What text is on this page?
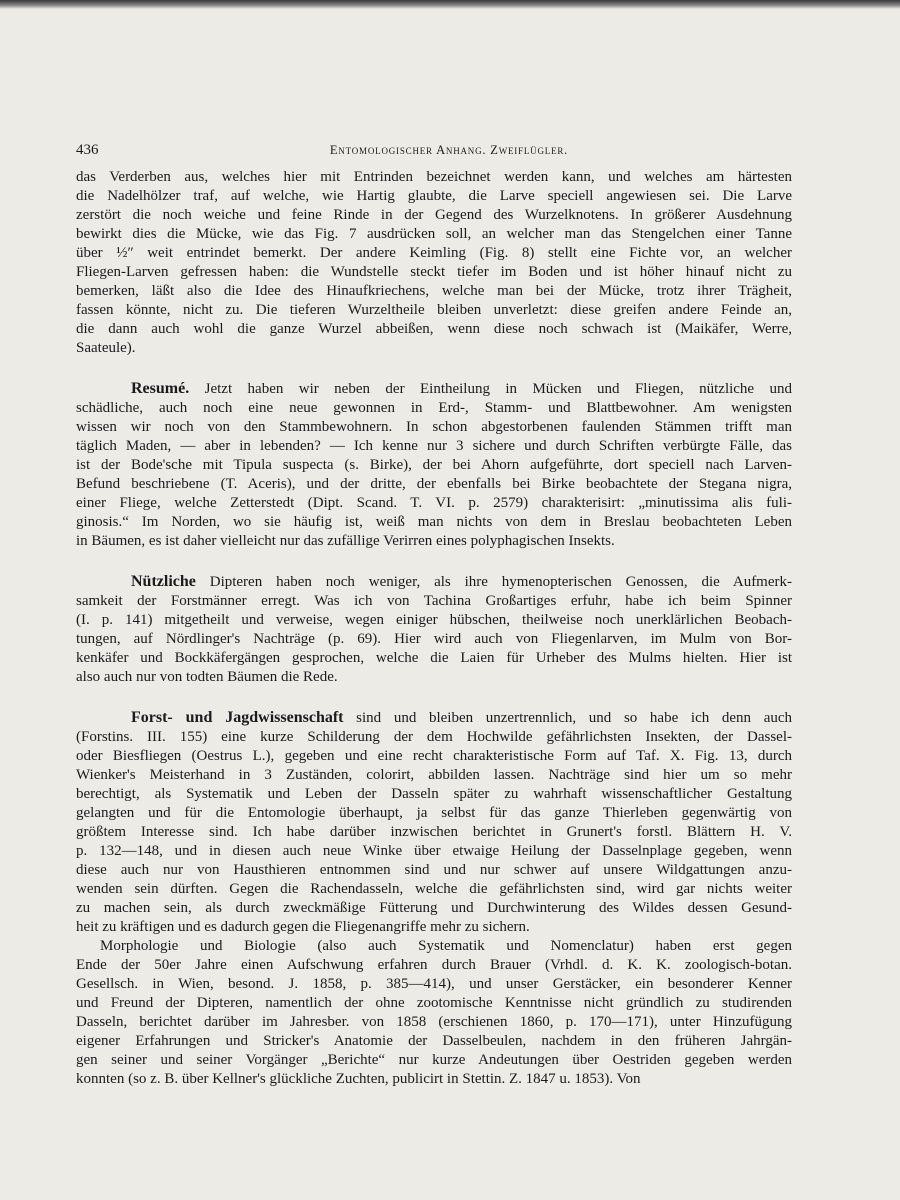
436	Entomologischer Anhang. Zweiflügler.
das Verderben aus, welches hier mit Entrinden bezeichnet werden kann, und welches am härtesten
die Nadelhölzer traf, auf welche, wie Hartig glaubte, die Larve speciell angewiesen sei. Die Larve
zerstört die noch weiche und feine Rinde in der Gegend des Wurzelknotens. In größerer Ausdehnung
bewirkt dies die Mücke, wie das Fig. 7 ausdrücken soll, an welcher man das Stengelchen einer Tanne
über ½″ weit entrindet bemerkt. Der andere Keimling (Fig. 8) stellt eine Fichte vor, an welcher
Fliegen-Larven gefressen haben: die Wundstelle steckt tiefer im Boden und ist höher hinauf nicht zu
bemerken, läßt also die Idee des Hinaufkriechens, welche man bei der Mücke, trotz ihrer Trägheit,
fassen könnte, nicht zu. Die tieferen Wurzeltheile bleiben unverletzt: diese greifen andere Feinde an,
die dann auch wohl die ganze Wurzel abbeißen, wenn diese noch schwach ist (Maikäfer, Werre,
Saateule).
Resumé. Jetzt haben wir neben der Eintheilung in Mücken und Fliegen, nützliche und
schädliche, auch noch eine neue gewonnen in Erd-, Stamm- und Blattbewohner. Am wenigsten
wissen wir noch von den Stammbewohnern. In schon abgestorbenen faulenden Stämmen trifft man
täglich Maden, — aber in lebenden? — Ich kenne nur 3 sichere und durch Schriften verbürgte Fälle, das
ist der Bode'sche mit Tipula suspecta (s. Birke), der bei Ahorn aufgeführte, dort speciell nach Larven-
Befund beschriebene (T. Aceris), und der dritte, der ebenfalls bei Birke beobachtete der Stegana nigra,
einer Fliege, welche Zetterstedt (Dipt. Scand. T. VI. p. 2579) charakterisirt: „minutissima alis fuli-
ginosis.“ Im Norden, wo sie häufig ist, weiß man nichts von dem in Breslau beobachteten Leben
in Bäumen, es ist daher vielleicht nur das zufällige Verirren eines polyphagischen Insekts.
Nützliche Dipteren haben noch weniger, als ihre hymenopterischen Genossen, die Aufmerk-
samkeit der Forstmänner erregt. Was ich von Tachina Großartiges erfuhr, habe ich beim Spinner
(I. p. 141) mitgetheilt und verweise, wegen einiger hübschen, theilweise noch unerklärlichen Beobach-
tungen, auf Nördlinger's Nachträge (p. 69). Hier wird auch von Fliegenlarven, im Mulm von Bor-
kenkäfer und Bockkäfergängen gesprochen, welche die Laien für Urheber des Mulms hielten. Hier ist
also auch nur von todten Bäumen die Rede.
Forst- und Jagdwissenschaft sind und bleiben unzertrennlich, und so habe ich denn auch
(Forstins. III. 155) eine kurze Schilderung der dem Hochwilde gefährlichsten Insekten, der Dassel-
oder Biesfliegen (Oestrus L.), gegeben und eine recht charakteristische Form auf Taf. X. Fig. 13, durch
Wienker's Meisterhand in 3 Zuständen, colorirt, abbilden lassen. Nachträge sind hier um so mehr
berechtigt, als Systematik und Leben der Dasseln später zu wahrhaft wissenschaftlicher Gestaltung
gelangten und für die Entomologie überhaupt, ja selbst für das ganze Thierleben gegenwärtig von
größtem Interesse sind. Ich habe darüber inzwischen berichtet in Grunert's forstl. Blättern H. V.
p. 132—148, und in diesen auch neue Winke über etwaige Heilung der Dasselnplage gegeben, wenn
diese auch nur von Hausthieren entnommen sind und nur schwer auf unsere Wildgattungen anzu-
wenden sein dürften. Gegen die Rachendasseln, welche die gefährlichsten sind, wird gar nichts weiter
zu machen sein, als durch zweckmäßige Fütterung und Durchwinterung des Wildes dessen Gesund-
heit zu kräftigen und es dadurch gegen die Fliegenangriffe mehr zu sichern.
Morphologie und Biologie (also auch Systematik und Nomenclatur) haben erst gegen
Ende der 50er Jahre einen Aufschwung erfahren durch Brauer (Vrhdl. d. K. K. zoologisch-botan.
Gesellsch. in Wien, besond. J. 1858, p. 385—414), und unser Gerstäcker, ein besonderer Kenner
und Freund der Dipteren, namentlich der ohne zootomische Kenntnisse nicht gründlich zu studirenden
Dasseln, berichtet darüber im Jahresber. von 1858 (erschienen 1860, p. 170—171), unter Hinzufügung
eigener Erfahrungen und Stricker's Anatomie der Dasselbeulen, nachdem in den früheren Jahrgän-
gen seiner und seiner Vorgänger „Berichte“ nur kurze Andeutungen über Oestriden gegeben werden
konnten (so z. B. über Kellner's glückliche Zuchten, publicirt in Stettin. Z. 1847 u. 1853). Von
